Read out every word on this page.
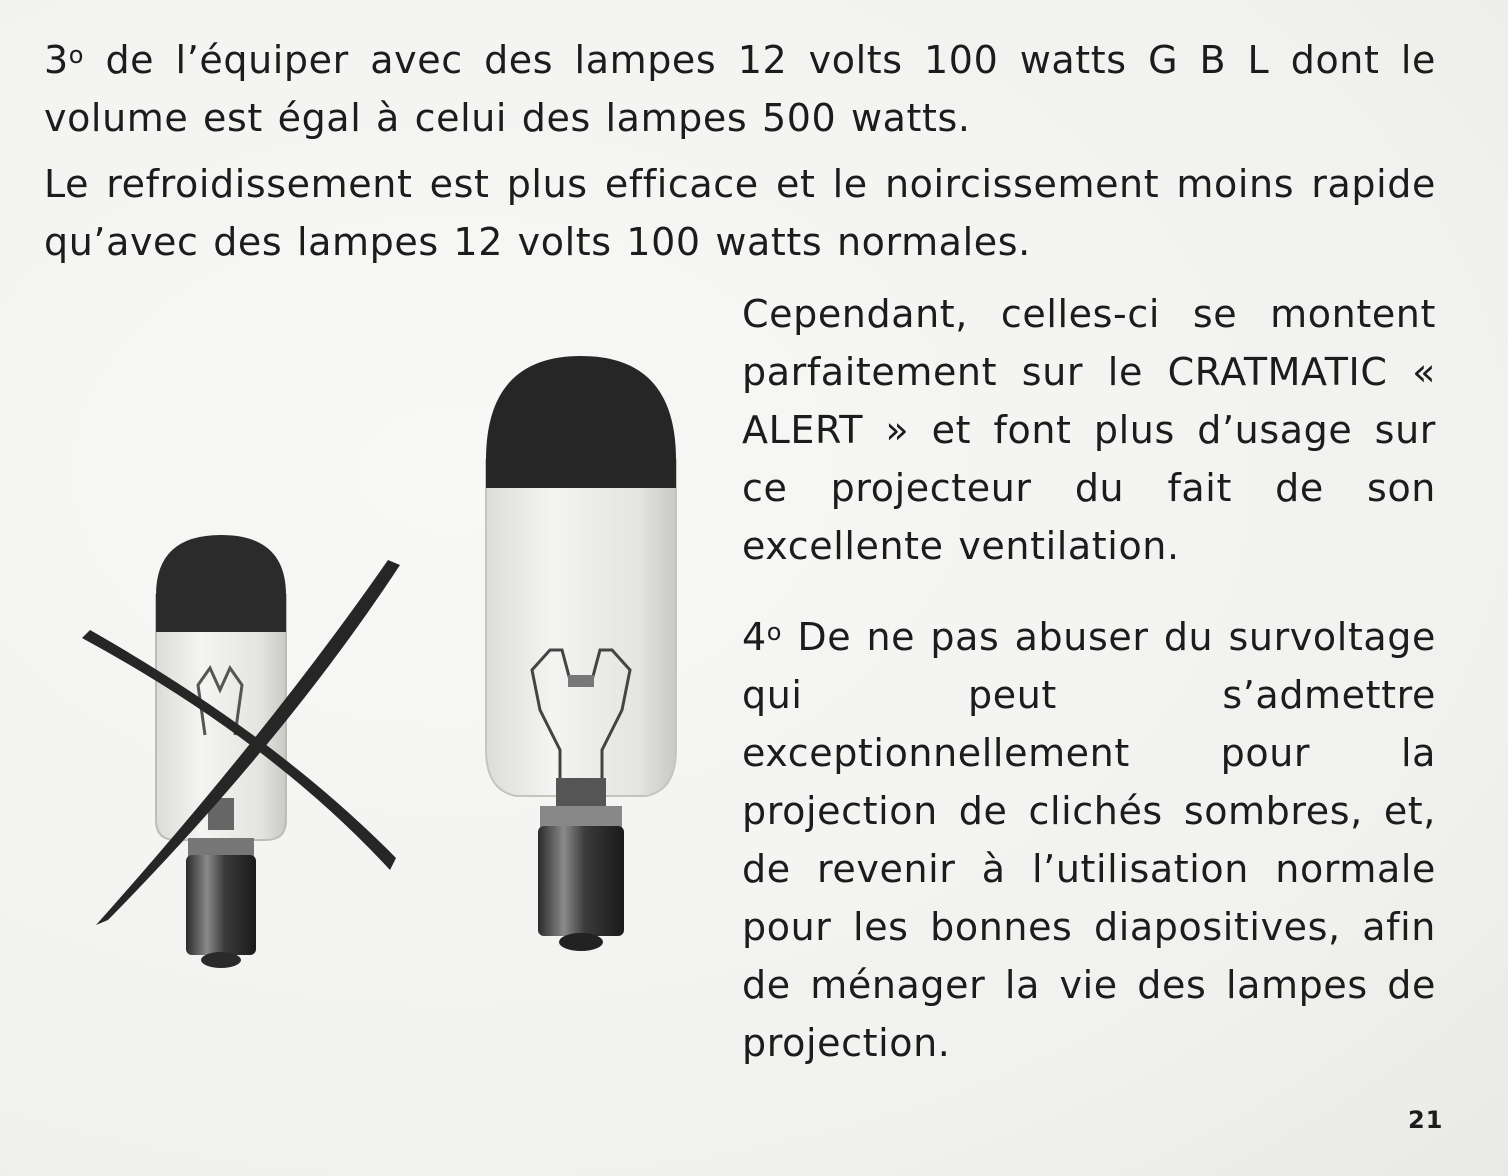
3$^o$ de l’équiper avec des lampes 12 volts 100 watts G B L dont le volume est égal à celui des lampes 500 watts.

Le refroidissement est plus efficace et le noircissement moins rapide qu’avec des lampes 12 volts 100 watts normales.

Cependant, celles-ci se montent parfaitement sur le CRATMATIC « ALERT » et font plus d’usage sur ce projecteur du fait de son excellente ventilation.

4$^o$ De ne pas abuser du survoltage qui peut s’admettre exceptionnellement pour la projection de clichés sombres, et, de revenir à l’utilisation normale pour les bonnes diapositives, afin de ménager la vie des lampes de projection.

21
